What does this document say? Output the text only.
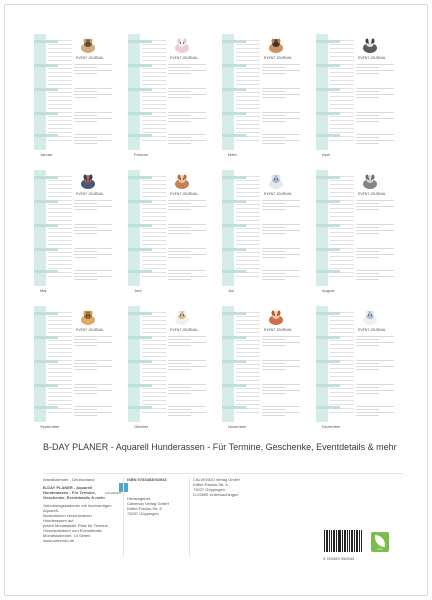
EVENT JOURNAL
Januar
EVENT JOURNAL
Februar
EVENT JOURNAL
März
EVENT JOURNAL
April
EVENT JOURNAL
Mai
EVENT JOURNAL
Juni
EVENT JOURNAL
Juli
EVENT JOURNAL
August
EVENT JOURNAL
September
EVENT JOURNAL
Oktober
EVENT JOURNAL
November
EVENT JOURNAL
Dezember
B-DAY PLANER - Aquarell Hunderassen - Für Termine, Geschenke, Eventdetails & mehr
Wandkalender - Deutschland
B-DAY PLANER - Aquarell Hunderassen - Für Termine, Geschenke, Eventdetails & mehr
Geburtstagskalender mit hochwertigen Aquarell-
Illustrationen verschiedener Hunderassen auf
jedem Monatsblatt. Platz für Termine,
Geschenkideen und Eventdetails.
Monatskalender, 14 Seiten
www.calvendo.de
CALVENDO
ISBN 9783383052543
Herausgeber:
Calvendo Verlag GmbH
Käthe-Paulus-Str. 6
73037 Göppingen
CALVENDO Verlag GmbH
Käthe-Paulus-Str. 6
73037 Göppingen
D-02859 Unterwachingen
9 783383 052543
eco
